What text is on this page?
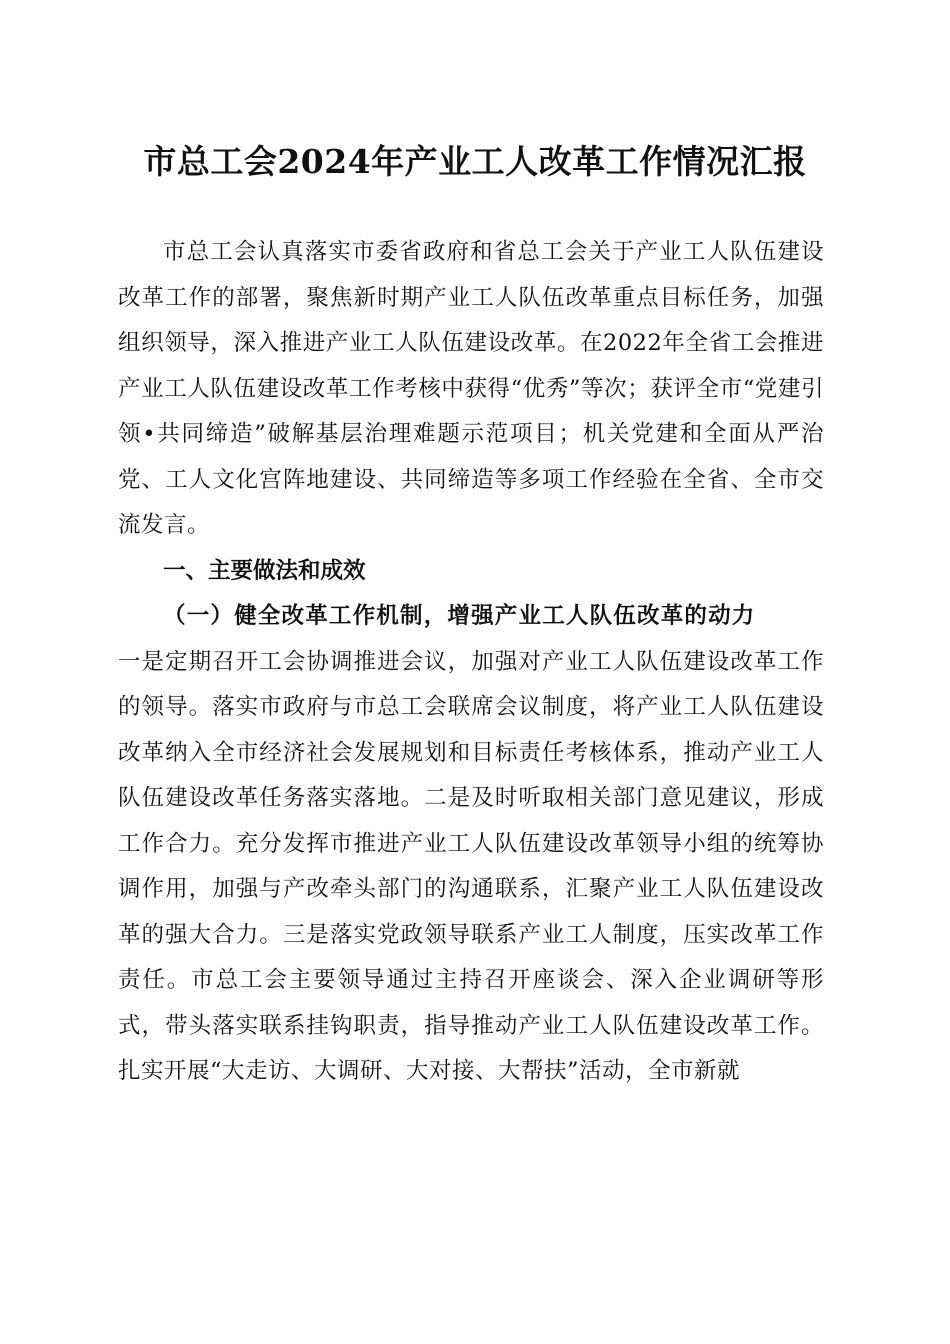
市总工会2024年产业工人改革工作情况汇报

市总工会认真落实市委省政府和省总工会关于产业工人队伍建设改革工作的部署，聚焦新时期产业工人队伍改革重点目标任务，加强组织领导，深入推进产业工人队伍建设改革。在2022年全省工会推进产业工人队伍建设改革工作考核中获得“优秀”等次；获评全市“党建引领•共同缔造”破解基层治理难题示范项目；机关党建和全面从严治党、工人文化宫阵地建设、共同缔造等多项工作经验在全省、全市交流发言。

一、主要做法和成效

（一）健全改革工作机制，增强产业工人队伍改革的动力
一是定期召开工会协调推进会议，加强对产业工人队伍建设改革工作的领导。落实市政府与市总工会联席会议制度，将产业工人队伍建设改革纳入全市经济社会发展规划和目标责任考核体系，推动产业工人队伍建设改革任务落实落地。二是及时听取相关部门意见建议，形成工作合力。充分发挥市推进产业工人队伍建设改革领导小组的统筹协调作用，加强与产改牵头部门的沟通联系，汇聚产业工人队伍建设改革的强大合力。三是落实党政领导联系产业工人制度，压实改革工作责任。市总工会主要领导通过主持召开座谈会、深入企业调研等形式，带头落实联系挂钩职责，指导推动产业工人队伍建设改革工作。扎实开展“大走访、大调研、大对接、大帮扶”活动，全市新就
